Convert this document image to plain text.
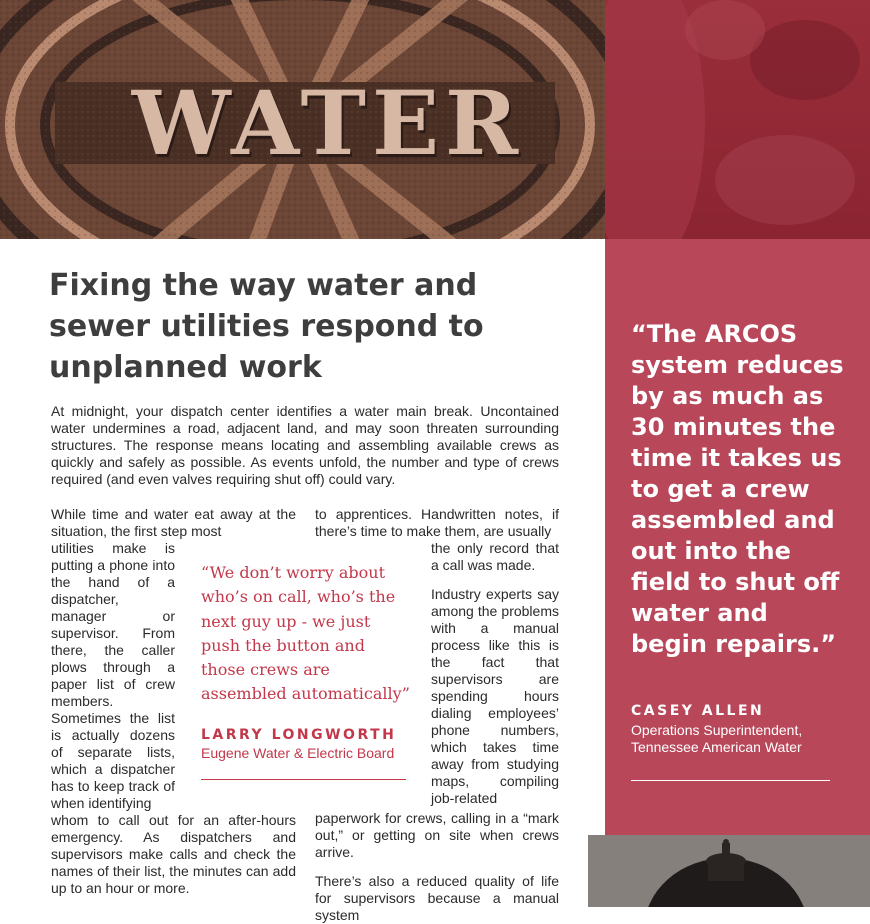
WATER
Fixing the way water and sewer utilities respond to unplanned work

At midnight, your dispatch center identifies a water main break. Uncontained water undermines a road, adjacent land, and may soon threaten surrounding structures. The response means locating and assembling available crews as quickly and safely as possible. As events unfold, the number and type of crews required (and even valves requiring shut off) could vary.

While time and water eat away at the situation, the first step most

utilities make is putting a phone into the hand of a dispatcher, manager or supervisor. From there, the caller plows through a paper list of crew members. Sometimes the list is actually dozens of separate lists, which a dispatcher has to keep track of when identifying

whom to call out for an after-hours emergency. As dispatchers and supervisors make calls and check the names of their list, the minutes can add up to an hour or more.

to apprentices. Handwritten notes, if there’s time to make them, are usually

the only record that a call was made.

Industry experts say among the problems with a manual process like this is the fact that supervisors are spending hours dialing employees’ phone numbers, which takes time away from studying maps, compiling job-related

paperwork for crews, calling in a “mark out,” or getting on site when crews arrive.

There’s also a reduced quality of life for supervisors because a manual system

“We don’t worry about who’s on call, who’s the next guy up - we just push the button and those crews are assembled automatically”

LARRY LONGWORTH
Eugene Water & Electric Board
“The ARCOS system reduces by as much as 30 minutes the time it takes us to get a crew assembled and out into the field to shut off water and begin repairs.”
CASEY ALLEN
Operations Superintendent, Tennessee American Water
